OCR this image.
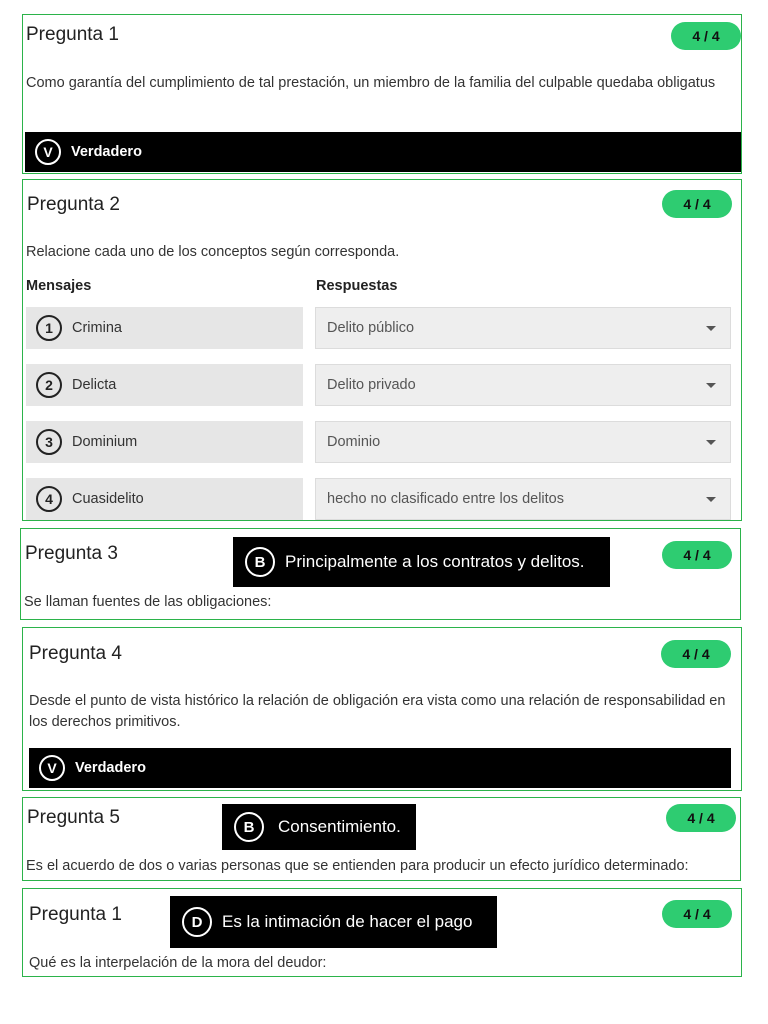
Pregunta 1	4 / 4
Como garantía del cumplimiento de tal prestación, un miembro de la familia del culpable quedaba obligatus
V	Verdadero
Pregunta 2	4 / 4
Relacione cada uno de los conceptos según corresponda.
Mensajes	Respuestas
1	Crimina	Delito público
2	Delicta	Delito privado
3	Dominium	Dominio
4	Cuasidelito	hecho no clasificado entre los delitos
Pregunta 3	4 / 4
Se llaman fuentes de las obligaciones:
B	Principalmente a los contratos y delitos.
Pregunta 4	4 / 4
Desde el punto de vista histórico la relación de obligación era vista como una relación de responsabilidad en los derechos primitivos.
V	Verdadero
Pregunta 5	4 / 4
Es el acuerdo de dos o varias personas que se entienden para producir un efecto jurídico determinado:
B	Consentimiento.
Pregunta 1	4 / 4
Qué es la interpelación de la mora del deudor:
D	Es la intimación de hacer el pago
